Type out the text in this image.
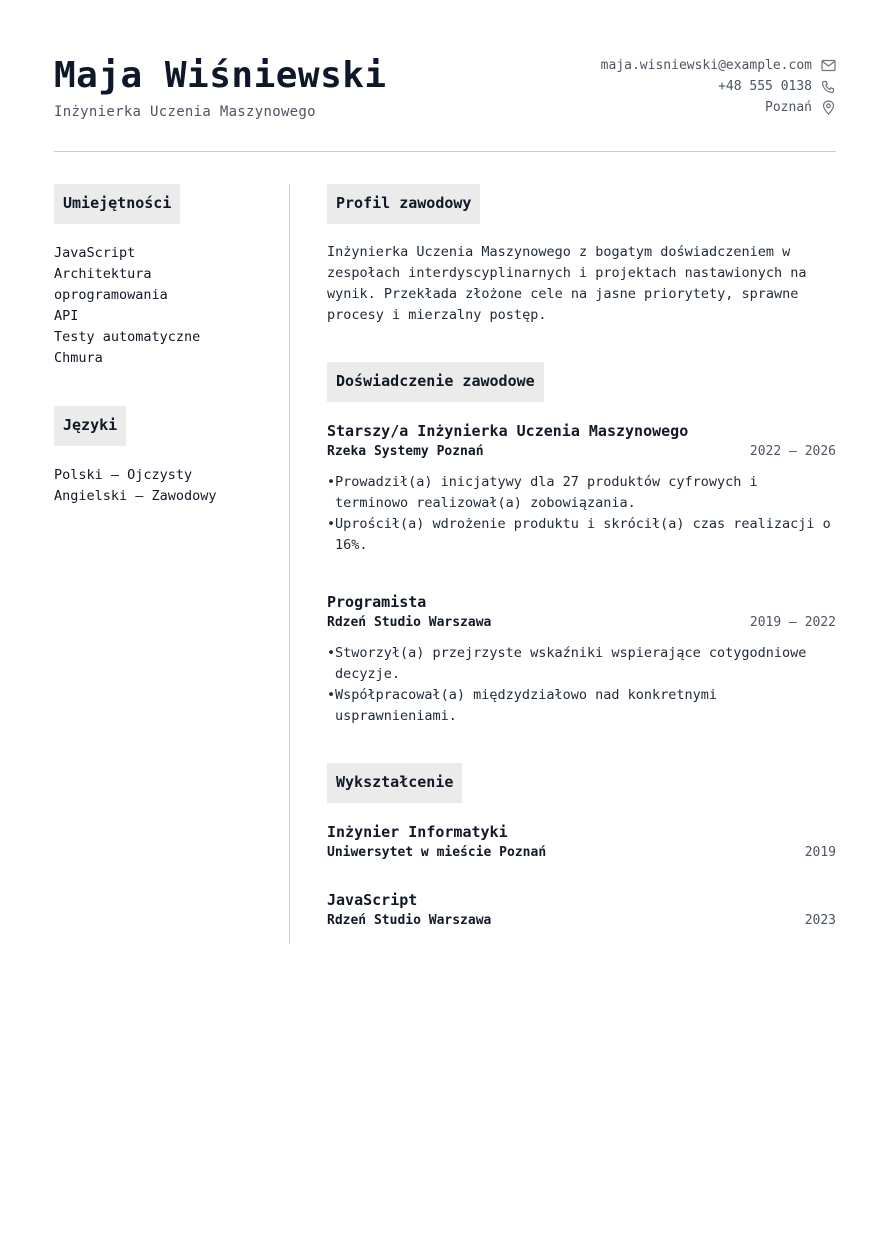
Maja Wiśniewski
Inżynierka Uczenia Maszynowego
maja.wisniewski@example.com
+48 555 0138
Poznań
Umiejętności
JavaScript
Architektura
oprogramowania
API
Testy automatyczne
Chmura
Języki
Polski — Ojczysty
Angielski — Zawodowy
Profil zawodowy
Inżynierka Uczenia Maszynowego z bogatym doświadczeniem w
zespołach interdyscyplinarnych i projektach nastawionych na
wynik. Przekłada złożone cele na jasne priorytety, sprawne
procesy i mierzalny postęp.
Doświadczenie zawodowe
Starszy/a Inżynierka Uczenia Maszynowego
Rzeka Systemy Poznań	2022 — 2026
• Prowadził(a) inicjatywy dla 27 produktów cyfrowych i terminowo realizował(a) zobowiązania.
• Uprościł(a) wdrożenie produktu i skrócił(a) czas realizacji o 16%.
Programista
Rdzeń Studio Warszawa	2019 — 2022
• Stworzył(a) przejrzyste wskaźniki wspierające cotygodniowe decyzje.
• Współpracował(a) międzydziałowo nad konkretnymi usprawnieniami.
Wykształcenie
Inżynier Informatyki
Uniwersytet w mieście Poznań	2019
JavaScript
Rdzeń Studio Warszawa	2023
